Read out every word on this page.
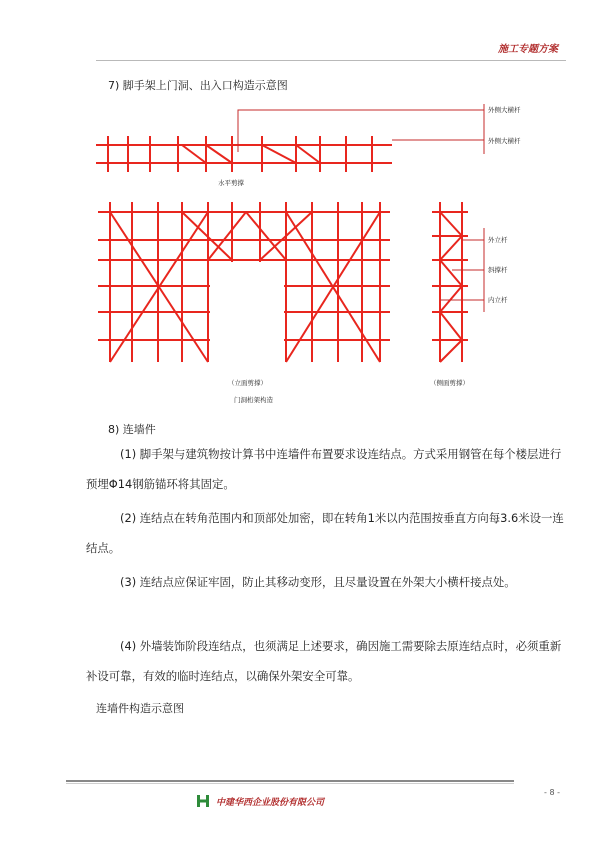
施工专题方案
7) 脚手架上门洞、出入口构造示意图
外侧大横杆
外侧大横杆
水平剪撑
外立杆
斜撑杆
内立杆
（立面剪撑）	（侧面剪撑）
门洞桁架构造
8) 连墙件
(1) 脚手架与建筑物按计算书中连墙件布置要求设连结点。方式采用钢管在每个楼层进行预埋Φ14钢筋锚环将其固定。
(2) 连结点在转角范围内和顶部处加密，即在转角1米以内范围按垂直方向每3.6米设一连结点。
(3) 连结点应保证牢固，防止其移动变形，且尽量设置在外架大小横杆接点处。
(4) 外墙装饰阶段连结点，也须满足上述要求，确因施工需要除去原连结点时，必须重新补设可靠，有效的临时连结点，以确保外架安全可靠。
连墙件构造示意图
- 8 -
中建华西企业股份有限公司
